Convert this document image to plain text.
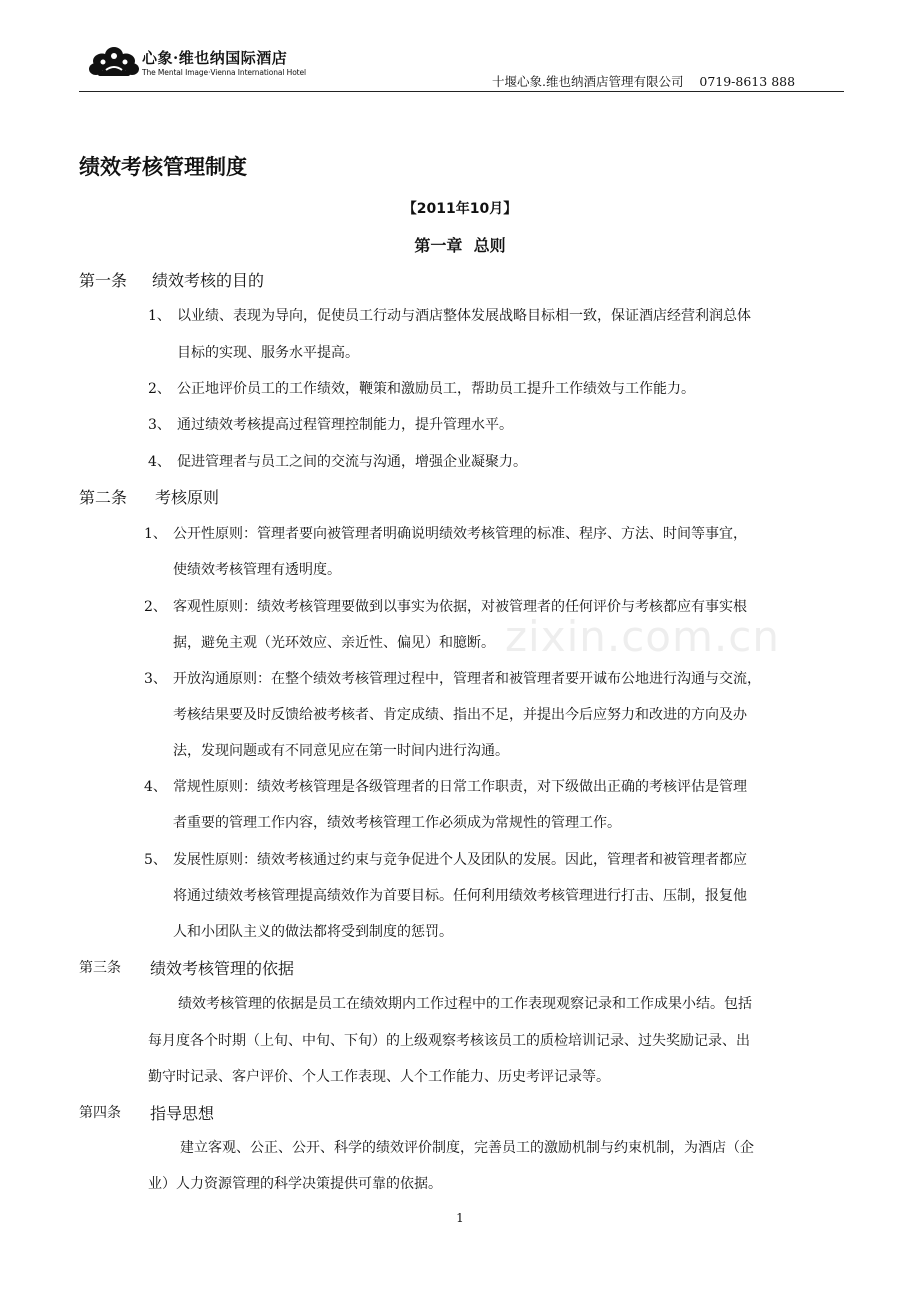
心象·维也纳国际酒店
The Mental Image·Vienna International Hotel
十堰心象.维也纳酒店管理有限公司    0719-8613 888
绩效考核管理制度
【2011年10月】
第一章  总则
第一条 绩效考核的目的
1、 以业绩、表现为导向，促使员工行动与酒店整体发展战略目标相一致，保证酒店经营利润总体
目标的实现、服务水平提高。
2、 公正地评价员工的工作绩效，鞭策和激励员工，帮助员工提升工作绩效与工作能力。
3、 通过绩效考核提高过程管理控制能力，提升管理水平。
4、 促进管理者与员工之间的交流与沟通，增强企业凝聚力。
第二条 考核原则
1、 公开性原则：管理者要向被管理者明确说明绩效考核管理的标准、程序、方法、时间等事宜，
使绩效考核管理有透明度。
2、 客观性原则：绩效考核管理要做到以事实为依据，对被管理者的任何评价与考核都应有事实根
据，避免主观（光环效应、亲近性、偏见）和臆断。
3、 开放沟通原则：在整个绩效考核管理过程中，管理者和被管理者要开诚布公地进行沟通与交流，
考核结果要及时反馈给被考核者、肯定成绩、指出不足，并提出今后应努力和改进的方向及办
法，发现问题或有不同意见应在第一时间内进行沟通。
4、 常规性原则：绩效考核管理是各级管理者的日常工作职责，对下级做出正确的考核评估是管理
者重要的管理工作内容，绩效考核管理工作必须成为常规性的管理工作。
5、 发展性原则：绩效考核通过约束与竞争促进个人及团队的发展。因此，管理者和被管理者都应
将通过绩效考核管理提高绩效作为首要目标。任何利用绩效考核管理进行打击、压制，报复他
人和小团队主义的做法都将受到制度的惩罚。
第三条 绩效考核管理的依据
绩效考核管理的依据是员工在绩效期内工作过程中的工作表现观察记录和工作成果小结。包括
每月度各个时期（上旬、中旬、下旬）的上级观察考核该员工的质检培训记录、过失奖励记录、出
勤守时记录、客户评价、个人工作表现、人个工作能力、历史考评记录等。
第四条 指导思想
建立客观、公正、公开、科学的绩效评价制度，完善员工的激励机制与约束机制，为酒店（企
业）人力资源管理的科学决策提供可靠的依据。
zixin.com.cn
1
